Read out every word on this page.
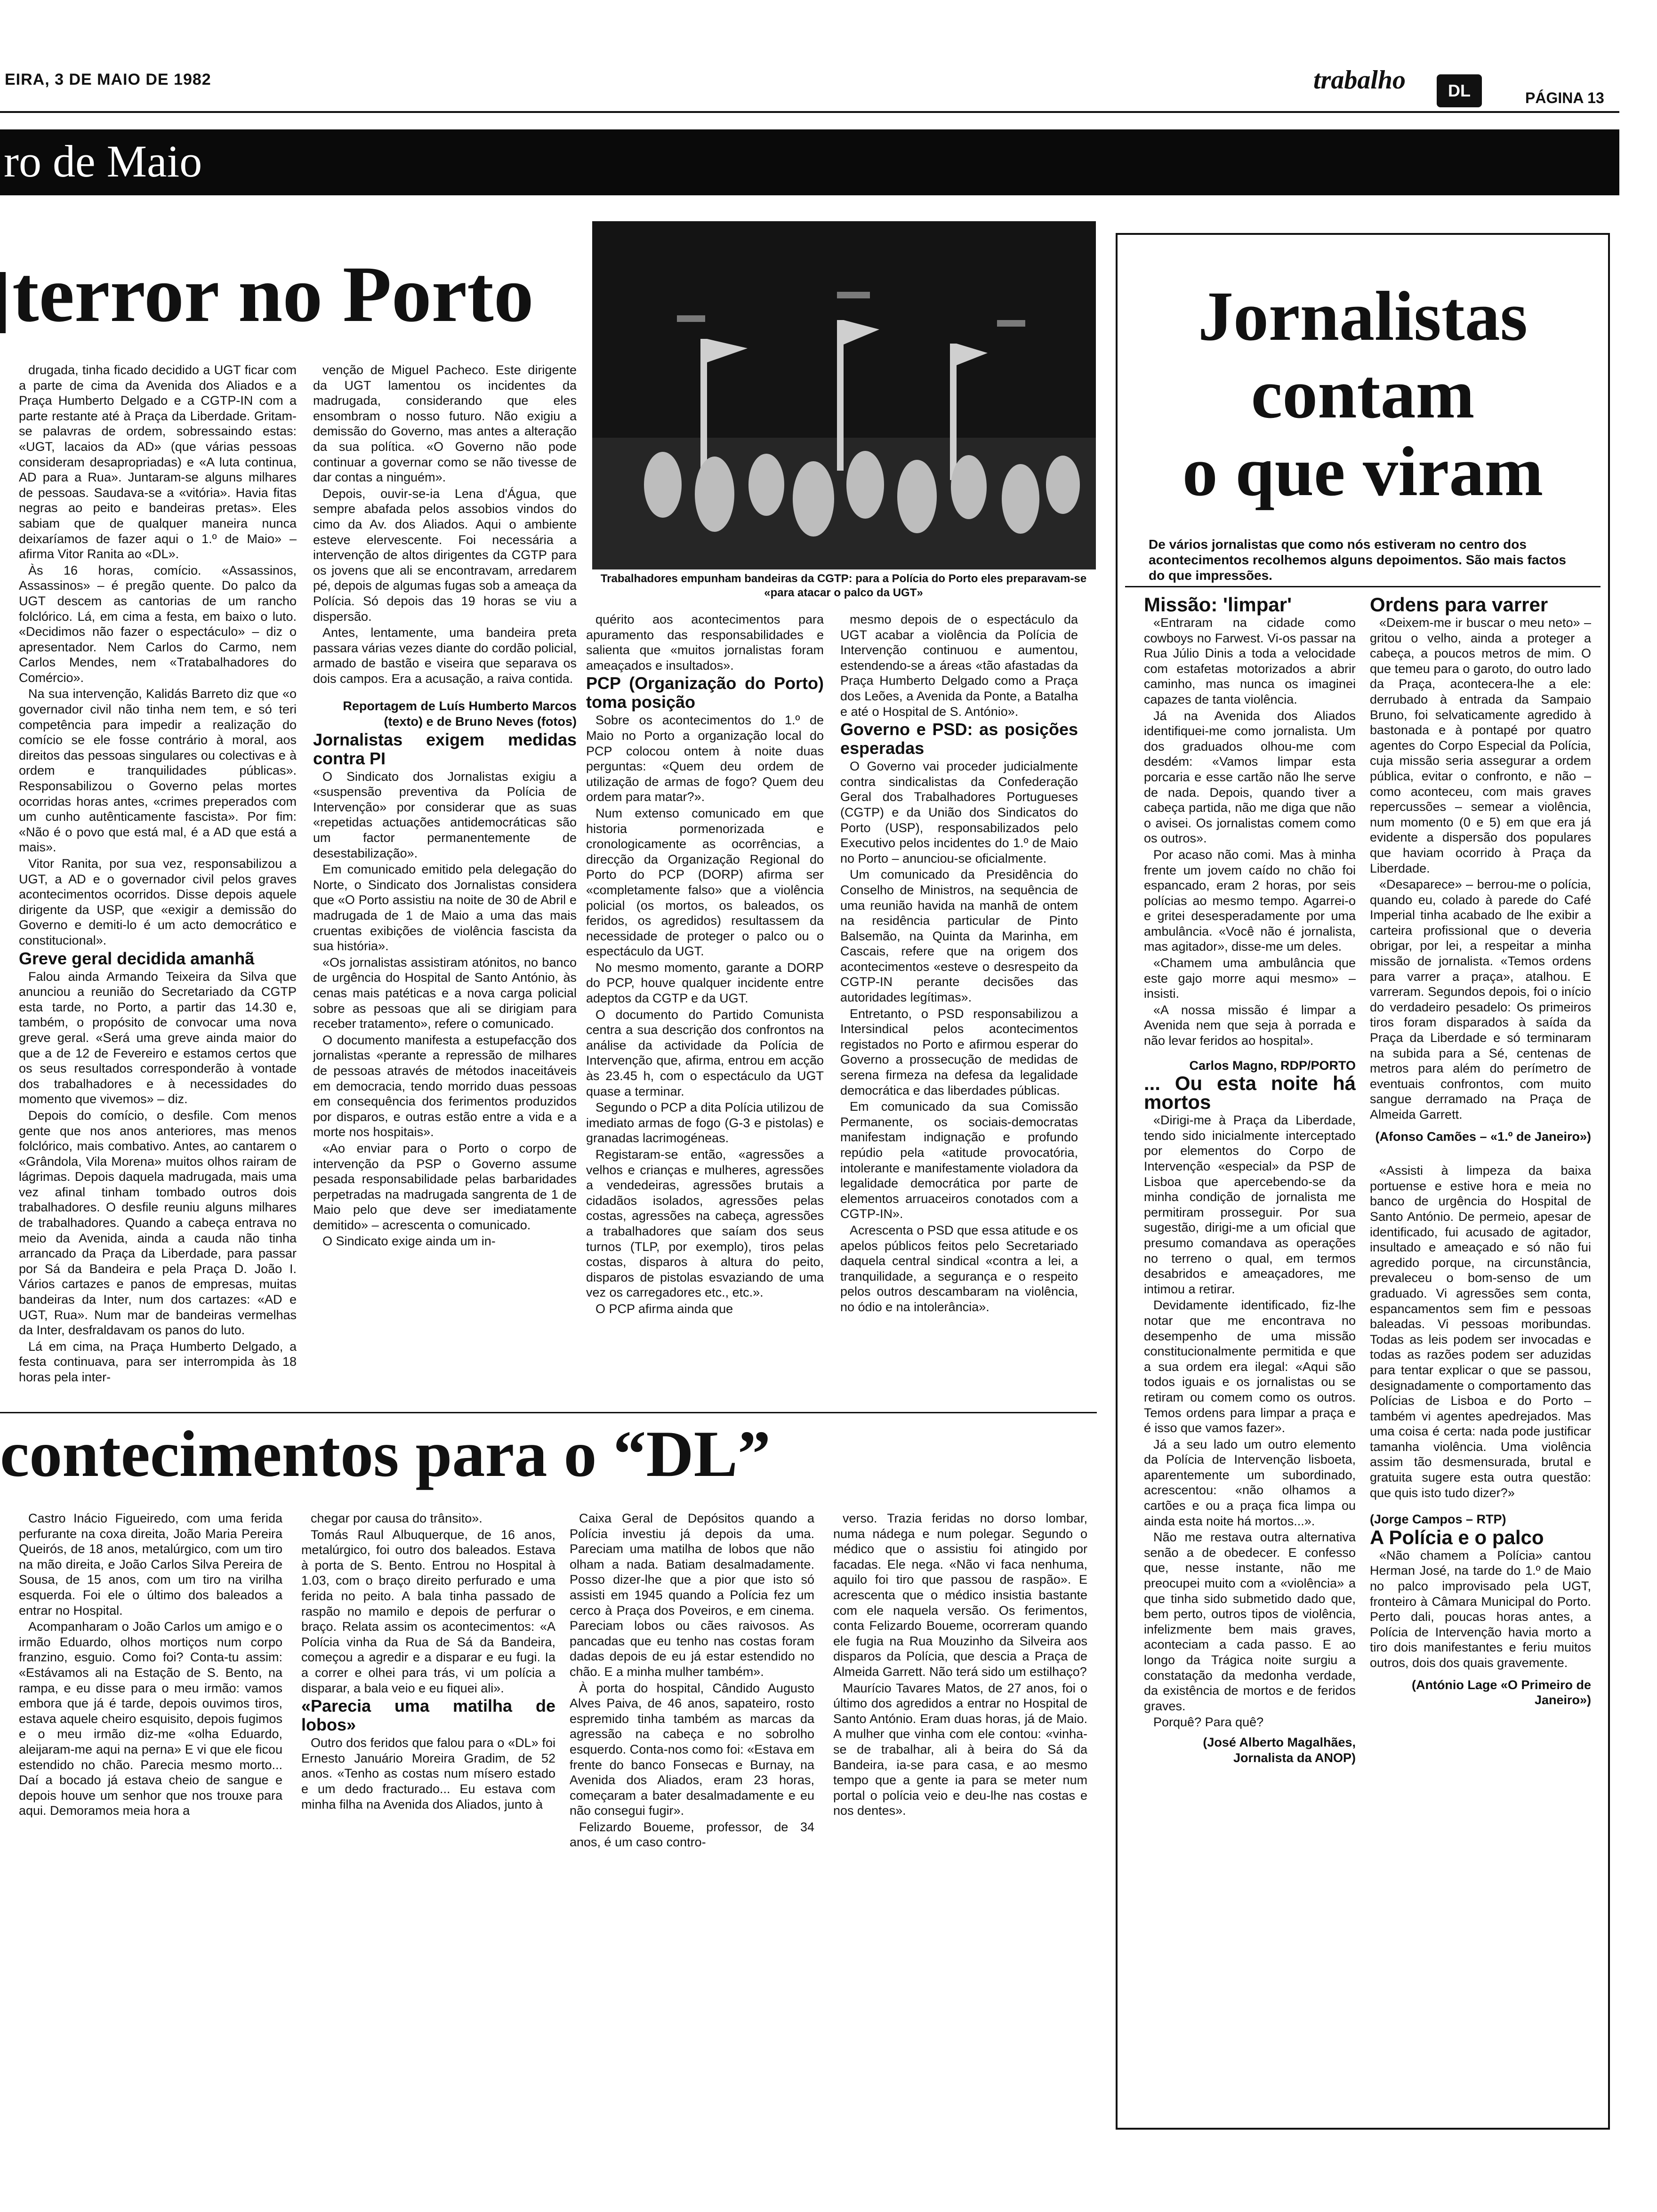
EIRA, 3 DE MAIO DE 1982	trabalho	DL	PÁGINA 13
ro de Maio
terror no Porto

drugada, tinha ficado decidido a UGT ficar com a parte de cima da Avenida dos Aliados e a Praça Humberto Delgado e a CGTP-IN com a parte restante até à Praça da Liberdade. Gritam-se palavras de ordem, sobressaindo estas: «UGT, lacaios da AD» (que várias pessoas consideram desapropriadas) e «A luta continua, AD para a Rua». Juntaram-se alguns milhares de pessoas. Saudava-se a «vitória». Havia fitas negras ao peito e bandeiras pretas». Eles sabiam que de qualquer maneira nunca deixaríamos de fazer aqui o 1.º de Maio» – afirma Vitor Ranita ao «DL».

Às 16 horas, comício. «Assassinos, Assassinos» – é pregão quente. Do palco da UGT descem as cantorias de um rancho folclórico. Lá, em cima a festa, em baixo o luto. «Decidimos não fazer o espectáculo» – diz o apresentador. Nem Carlos do Carmo, nem Carlos Mendes, nem «Tratabalhadores do Comércio».

Na sua intervenção, Kalidás Barreto diz que «o governador civil não tinha nem tem, e só teri competência para impedir a realização do comício se ele fosse contrário à moral, aos direitos das pessoas singulares ou colectivas e à ordem e tranquilidades públicas». Responsabilizou o Governo pelas mortes ocorridas horas antes, «crimes preperados com um cunho autênticamente fascista». Por fim: «Não é o povo que está mal, é a AD que está a mais».

Vitor Ranita, por sua vez, responsabilizou a UGT, a AD e o governador civil pelos graves acontecimentos ocorridos. Disse depois aquele dirigente da USP, que «exigir a demissão do Governo e demiti-lo é um acto democrático e constitucional».

Greve geral decidida amanhã

Falou ainda Armando Teixeira da Silva que anunciou a reunião do Secretariado da CGTP esta tarde, no Porto, a partir das 14.30 e, também, o propósito de convocar uma nova greve geral. «Será uma greve ainda maior do que a de 12 de Fevereiro e estamos certos que os seus resultados corresponderão à vontade dos trabalhadores e à necessidades do momento que vivemos» – diz.

Depois do comício, o desfile. Com menos gente que nos anos anteriores, mas menos folclórico, mais combativo. Antes, ao cantarem o «Grândola, Vila Morena» muitos olhos rairam de lágrimas. Depois daquela madrugada, mais uma vez afinal tinham tombado outros dois trabalhadores. O desfile reuniu alguns milhares de trabalhadores. Quando a cabeça entrava no meio da Avenida, ainda a cauda não tinha arrancado da Praça da Liberdade, para passar por Sá da Bandeira e pela Praça D. João I. Vários cartazes e panos de empresas, muitas bandeiras da Inter, num dos cartazes: «AD e UGT, Rua». Num mar de bandeiras vermelhas da Inter, desfraldavam os panos do luto.

Lá em cima, na Praça Humberto Delgado, a festa continuava, para ser interrompida às 18 horas pela inter-

venção de Miguel Pacheco. Este dirigente da UGT lamentou os incidentes da madrugada, considerando que eles ensombram o nosso futuro. Não exigiu a demissão do Governo, mas antes a alteração da sua política. «O Governo não pode continuar a governar como se não tivesse de dar contas a ninguém».

Depois, ouvir-se-ia Lena d'Água, que sempre abafada pelos assobios vindos do cimo da Av. dos Aliados. Aqui o ambiente esteve elervescente. Foi necessária a intervenção de altos dirigentes da CGTP para os jovens que ali se encontravam, arredarem pé, depois de algumas fugas sob a ameaça da Polícia. Só depois das 19 horas se viu a dispersão.

Antes, lentamente, uma bandeira preta passara várias vezes diante do cordão policial, armado de bastão e viseira que separava os dois campos. Era a acusação, a raiva contida.

Reportagem de Luís Humberto Marcos (texto) e de Bruno Neves (fotos)

Jornalistas exigem medidas contra PI

O Sindicato dos Jornalistas exigiu a «suspensão preventiva da Polícia de Intervenção» por considerar que as suas «repetidas actuações antidemocráticas são um factor permanentemente de desestabilização».

Em comunicado emitido pela delegação do Norte, o Sindicato dos Jornalistas considera que «O Porto assistiu na noite de 30 de Abril e madrugada de 1 de Maio a uma das mais cruentas exibições de violência fascista da sua história».

«Os jornalistas assistiram atónitos, no banco de urgência do Hospital de Santo António, às cenas mais patéticas e a nova carga policial sobre as pessoas que ali se dirigiam para receber tratamento», refere o comunicado.

O documento manifesta a estupefacção dos jornalistas «perante a repressão de milhares de pessoas através de métodos inaceitáveis em democracia, tendo morrido duas pessoas em consequência dos ferimentos produzidos por disparos, e outras estão entre a vida e a morte nos hospitais».

«Ao enviar para o Porto o corpo de intervenção da PSP o Governo assume pesada responsabilidade pelas barbaridades perpetradas na madrugada sangrenta de 1 de Maio pelo que deve ser imediatamente demitido» – acrescenta o comunicado.

O Sindicato exige ainda um in-

Trabalhadores empunham bandeiras da CGTP: para a Polícia do Porto eles preparavam-se «para atacar o palco da UGT»

quérito aos acontecimentos para apuramento das responsabilidades e salienta que «muitos jornalistas foram ameaçados e insultados».

PCP (Organização do Porto) toma posição

Sobre os acontecimentos do 1.º de Maio no Porto a organização local do PCP colocou ontem à noite duas perguntas: «Quem deu ordem de utilização de armas de fogo? Quem deu ordem para matar?».

Num extenso comunicado em que historia pormenorizada e cronologicamente as ocorrências, a direcção da Organização Regional do Porto do PCP (DORP) afirma ser «completamente falso» que a violência policial (os mortos, os baleados, os feridos, os agredidos) resultassem da necessidade de proteger o palco ou o espectáculo da UGT.

No mesmo momento, garante a DORP do PCP, houve qualquer incidente entre adeptos da CGTP e da UGT.

O documento do Partido Comunista centra a sua descrição dos confrontos na análise da actividade da Polícia de Intervenção que, afirma, entrou em acção às 23.45 h, com o espectáculo da UGT quase a terminar.

Segundo o PCP a dita Polícia utilizou de imediato armas de fogo (G-3 e pistolas) e granadas lacrimogéneas.

Registaram-se então, «agressões a velhos e crianças e mulheres, agressões a vendedeiras, agressões brutais a cidadãos isolados, agressões pelas costas, agressões na cabeça, agressões a trabalhadores que saíam dos seus turnos (TLP, por exemplo), tiros pelas costas, disparos à altura do peito, disparos de pistolas esvaziando de uma vez os carregadores etc., etc.».

O PCP afirma ainda que

mesmo depois de o espectáculo da UGT acabar a violência da Polícia de Intervenção continuou e aumentou, estendendo-se a áreas «tão afastadas da Praça Humberto Delgado como a Praça dos Leões, a Avenida da Ponte, a Batalha e até o Hospital de S. António».

Governo e PSD: as posições esperadas

O Governo vai proceder judicialmente contra sindicalistas da Confederação Geral dos Trabalhadores Portugueses (CGTP) e da União dos Sindicatos do Porto (USP), responsabilizados pelo Executivo pelos incidentes do 1.º de Maio no Porto – anunciou-se oficialmente.

Um comunicado da Presidência do Conselho de Ministros, na sequência de uma reunião havida na manhã de ontem na residência particular de Pinto Balsemão, na Quinta da Marinha, em Cascais, refere que na origem dos acontecimentos «esteve o desrespeito da CGTP-IN perante decisões das autoridades legítimas».

Entretanto, o PSD responsabilizou a Intersindical pelos acontecimentos registados no Porto e afirmou esperar do Governo a prossecução de medidas de serena firmeza na defesa da legalidade democrática e das liberdades públicas.

Em comunicado da sua Comissão Permanente, os sociais-democratas manifestam indignação e profundo repúdio pela «atitude provocatória, intolerante e manifestamente violadora da legalidade democrática por parte de elementos arruaceiros conotados com a CGTP-IN».

Acrescenta o PSD que essa atitude e os apelos públicos feitos pelo Secretariado daquela central sindical «contra a lei, a tranquilidade, a segurança e o respeito pelos outros descambaram na violência, no ódio e na intolerância».

Jornalistas
contam
o que viram
De vários jornalistas que como nós estiveram no centro dos acontecimentos recolhemos alguns depoimentos. São mais factos do que impressões.

Missão: 'limpar'

«Entraram na cidade como cowboys no Farwest. Vi-os passar na Rua Júlio Dinis a toda a velocidade com estafetas motorizados a abrir caminho, mas nunca os imaginei capazes de tanta violência.

Já na Avenida dos Aliados identifiquei-me como jornalista. Um dos graduados olhou-me com desdém: «Vamos limpar esta porcaria e esse cartão não lhe serve de nada. Depois, quando tiver a cabeça partida, não me diga que não o avisei. Os jornalistas comem como os outros».

Por acaso não comi. Mas à minha frente um jovem caído no chão foi espancado, eram 2 horas, por seis polícias ao mesmo tempo. Agarrei-o e gritei desesperadamente por uma ambulância. «Você não é jornalista, mas agitador», disse-me um deles.

«Chamem uma ambulância que este gajo morre aqui mesmo» – insisti.

«A nossa missão é limpar a Avenida nem que seja à porrada e não levar feridos ao hospital».

Carlos Magno, RDP/PORTO

... Ou esta noite há mortos

«Dirigi-me à Praça da Liberdade, tendo sido inicialmente interceptado por elementos do Corpo de Intervenção «especial» da PSP de Lisboa que apercebendo-se da minha condição de jornalista me permitiram prosseguir. Por sua sugestão, dirigi-me a um oficial que presumo comandava as operações no terreno o qual, em termos desabridos e ameaçadores, me intimou a retirar.

Devidamente identificado, fiz-lhe notar que me encontrava no desempenho de uma missão constitucionalmente permitida e que a sua ordem era ilegal: «Aqui são todos iguais e os jornalistas ou se retiram ou comem como os outros. Temos ordens para limpar a praça e é isso que vamos fazer».

Já a seu lado um outro elemento da Polícia de Intervenção lisboeta, aparentemente um subordinado, acrescentou: «não olhamos a cartões e ou a praça fica limpa ou ainda esta noite há mortos...».

Não me restava outra alternativa senão a de obedecer. E confesso que, nesse instante, não me preocupei muito com a «violência» a que tinha sido submetido dado que, bem perto, outros tipos de violência, infelizmente bem mais graves, aconteciam a cada passo. E ao longo da Trágica noite surgiu a constatação da medonha verdade, da existência de mortos e de feridos graves.

Porquê? Para quê?

(José Alberto Magalhães, Jornalista da ANOP)

Ordens para varrer

«Deixem-me ir buscar o meu neto» – gritou o velho, ainda a proteger a cabeça, a poucos metros de mim. O que temeu para o garoto, do outro lado da Praça, acontecera-lhe a ele: derrubado à entrada da Sampaio Bruno, foi selvaticamente agredido à bastonada e à pontapé por quatro agentes do Corpo Especial da Polícia, cuja missão seria assegurar a ordem pública, evitar o confronto, e não – como aconteceu, com mais graves repercussões – semear a violência, num momento (0 e 5) em que era já evidente a dispersão dos populares que haviam ocorrido à Praça da Liberdade.

«Desaparece» – berrou-me o polícia, quando eu, colado à parede do Café Imperial tinha acabado de lhe exibir a carteira profissional que o deveria obrigar, por lei, a respeitar a minha missão de jornalista. «Temos ordens para varrer a praça», atalhou. E varreram. Segundos depois, foi o início do verdadeiro pesadelo: Os primeiros tiros foram disparados à saída da Praça da Liberdade e só terminaram na subida para a Sé, centenas de metros para além do perímetro de eventuais confrontos, com muito sangue derramado na Praça de Almeida Garrett.

(Afonso Camões – «1.º de Janeiro»)

«Assisti à limpeza da baixa portuense e estive hora e meia no banco de urgência do Hospital de Santo António. De permeio, apesar de identificado, fui acusado de agitador, insultado e ameaçado e só não fui agredido porque, na circunstância, prevaleceu o bom-senso de um graduado. Vi agressões sem conta, espancamentos sem fim e pessoas baleadas. Vi pessoas moribundas. Todas as leis podem ser invocadas e todas as razões podem ser aduzidas para tentar explicar o que se passou, designadamente o comportamento das Polícias de Lisboa e do Porto – também vi agentes apedrejados. Mas uma coisa é certa: nada pode justificar tamanha violência. Uma violência assim tão desmensurada, brutal e gratuita sugere esta outra questão: que quis isto tudo dizer?»

(Jorge Campos – RTP)

A Polícia e o palco

«Não chamem a Polícia» cantou Herman José, na tarde do 1.º de Maio no palco improvisado pela UGT, fronteiro à Câmara Municipal do Porto. Perto dali, poucas horas antes, a Polícia de Intervenção havia morto a tiro dois manifestantes e feriu muitos outros, dois dos quais gravemente.

(António Lage «O Primeiro de Janeiro»)

contecimentos para o “DL”

Castro Inácio Figueiredo, com uma ferida perfurante na coxa direita, João Maria Pereira Queirós, de 18 anos, metalúrgico, com um tiro na mão direita, e João Carlos Silva Pereira de Sousa, de 15 anos, com um tiro na virilha esquerda. Foi ele o último dos baleados a entrar no Hospital.

Acompanharam o João Carlos um amigo e o irmão Eduardo, olhos mortiços num corpo franzino, esguio. Como foi? Conta-tu assim: «Estávamos ali na Estação de S. Bento, na rampa, e eu disse para o meu irmão: vamos embora que já é tarde, depois ouvimos tiros, estava aquele cheiro esquisito, depois fugimos e o meu irmão diz-me «olha Eduardo, aleijaram-me aqui na perna» E vi que ele ficou estendido no chão. Parecia mesmo morto... Daí a bocado já estava cheio de sangue e depois houve um senhor que nos trouxe para aqui. Demoramos meia hora a

chegar por causa do trânsito».

Tomás Raul Albuquerque, de 16 anos, metalúrgico, foi outro dos baleados. Estava à porta de S. Bento. Entrou no Hospital à 1.03, com o braço direito perfurado e uma ferida no peito. A bala tinha passado de raspão no mamilo e depois de perfurar o braço. Relata assim os acontecimentos: «A Polícia vinha da Rua de Sá da Bandeira, começou a agredir e a disparar e eu fugi. Ia a correr e olhei para trás, vi um polícia a disparar, a bala veio e eu fiquei ali».

«Parecia uma matilha de lobos»

Outro dos feridos que falou para o «DL» foi Ernesto Januário Moreira Gradim, de 52 anos. «Tenho as costas num mísero estado e um dedo fracturado... Eu estava com minha filha na Avenida dos Aliados, junto à

Caixa Geral de Depósitos quando a Polícia investiu já depois da uma. Pareciam uma matilha de lobos que não olham a nada. Batiam desalmadamente. Posso dizer-lhe que a pior que isto só assisti em 1945 quando a Polícia fez um cerco à Praça dos Poveiros, e em cinema. Pareciam lobos ou cães raivosos. As pancadas que eu tenho nas costas foram dadas depois de eu já estar estendido no chão. E a minha mulher também».

À porta do hospital, Cândido Augusto Alves Paiva, de 46 anos, sapateiro, rosto espremido tinha também as marcas da agressão na cabeça e no sobrolho esquerdo. Conta-nos como foi: «Estava em frente do banco Fonsecas e Burnay, na Avenida dos Aliados, eram 23 horas, começaram a bater desalmadamente e eu não consegui fugir».

Felizardo Boueme, professor, de 34 anos, é um caso contro-

verso. Trazia feridas no dorso lombar, numa nádega e num polegar. Segundo o médico que o assistiu foi atingido por facadas. Ele nega. «Não vi faca nenhuma, aquilo foi tiro que passou de raspão». E acrescenta que o médico insistia bastante com ele naquela versão. Os ferimentos, conta Felizardo Boueme, ocorreram quando ele fugia na Rua Mouzinho da Silveira aos disparos da Polícia, que descia a Praça de Almeida Garrett. Não terá sido um estilhaço?

Maurício Tavares Matos, de 27 anos, foi o último dos agredidos a entrar no Hospital de Santo António. Eram duas horas, já de Maio. A mulher que vinha com ele contou: «vinha-se de trabalhar, ali à beira do Sá da Bandeira, ia-se para casa, e ao mesmo tempo que a gente ia para se meter num portal o polícia veio e deu-lhe nas costas e nos dentes».
